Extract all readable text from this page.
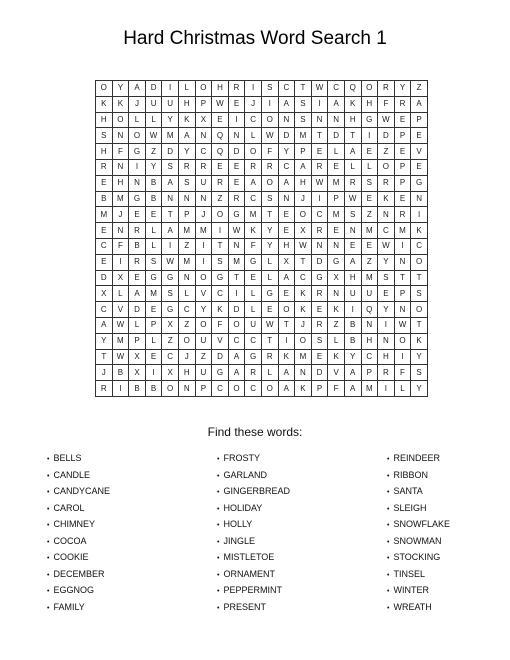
Hard Christmas Word Search 1
O	Y	A	D	I	L	O	H	R	I	S	C	T	W	C	Q	O	R	Y	Z
K	K	J	U	U	H	P	W	E	J	I	A	S	I	A	K	H	F	R	A
H	O	L	L	Y	K	X	E	I	C	O	N	S	N	N	H	G	W	E	P
S	N	O	W	M	A	N	Q	N	L	W	D	M	T	D	T	I	D	P	E
H	F	G	Z	D	Y	C	Q	D	O	F	Y	P	E	L	A	E	Z	E	V
R	N	I	Y	S	R	R	E	E	R	R	C	A	R	E	L	L	O	P	E
E	H	N	B	A	S	U	R	E	A	O	A	H	W	M	R	S	R	P	G
B	M	G	B	N	N	N	Z	R	C	S	N	J	I	P	W	E	K	E	N
M	J	E	E	T	P	J	O	G	M	T	E	O	C	M	S	Z	N	R	I
E	N	R	L	A	M	M	I	W	K	Y	E	X	R	E	N	M	C	M	K
C	F	B	L	I	Z	I	T	N	F	Y	H	W	N	N	E	E	W	I	C
E	I	R	S	W	M	I	S	M	G	L	X	T	D	G	A	Z	Y	N	O
D	X	E	G	G	N	O	G	T	E	L	A	C	G	X	H	M	S	T	T
X	L	A	M	S	L	V	C	I	L	G	E	K	R	N	U	U	E	P	S
C	V	D	E	G	C	Y	K	D	L	E	O	K	E	K	I	Q	Y	N	O
A	W	L	P	X	Z	O	F	O	U	W	T	J	R	Z	B	N	I	W	T
Y	M	P	L	Z	O	U	V	C	C	T	I	O	S	L	B	H	N	O	K
T	W	X	E	C	J	Z	D	A	G	R	K	M	E	K	Y	C	H	I	Y
J	B	X	I	X	H	U	G	A	R	L	A	N	D	V	A	P	R	F	S
R	I	B	B	O	N	P	C	O	C	O	A	K	P	F	A	M	I	L	Y
Find these words:
• BELLS
• CANDLE
• CANDYCANE
• CAROL
• CHIMNEY
• COCOA
• COOKIE
• DECEMBER
• EGGNOG
• FAMILY
• FROSTY
• GARLAND
• GINGERBREAD
• HOLIDAY
• HOLLY
• JINGLE
• MISTLETOE
• ORNAMENT
• PEPPERMINT
• PRESENT
• REINDEER
• RIBBON
• SANTA
• SLEIGH
• SNOWFLAKE
• SNOWMAN
• STOCKING
• TINSEL
• WINTER
• WREATH
